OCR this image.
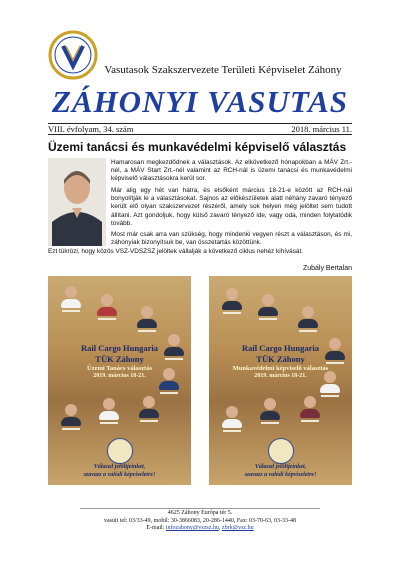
Vasutasok Szakszervezete Területi Képviselet Záhony
ZÁHONYI VASUTAS
VIII. évfolyam, 34. szám	2018. március 11.
Üzemi tanácsi és munkavédelmi képviselő választás
Hamarosan megkezdődnek a választások. Az elkövetkező hónapokban a MÁV Zrt.-nél, a MÁV Start Zrt.-nél valamint az RCH-nál is üzemi tanácsi és munkavédelmi képviselő választásokra kerül sor.
Már alig egy hét van hátra, és elsőként március 18-21-e között az RCH-nál bonyolítják le a választásokat. Sajnos az előkészületek alatt néhány zavaró tényező került elő olyan szakszervezet részéről, amely sok helyen még jelöltet sem tudott állítani. Azt gondoljuk, hogy külső zavaró tényező ide, vagy oda, minden folytatódik tovább.
Most már csak arra van szükség, hogy mindenki vegyen részt a választáson, és mi, záhonyiak bizonyítsuk be, van összetartás közöttünk.
Ezt tükrözi, hogy közös VSZ-VDSZSZ jelöltek vállalják a következő ciklus nehéz kihívását.
Zubály Bertalan
Rail Cargo Hungaria
TÜK Záhony
Üzemi Tanács választás
2019. március 18-21.
Válaszd jelöltjeinket,
szavazz a valódi képviseletre!
Rail Cargo Hungaria
TÜK Záhony
Munkavédelmi képviselő választás
2019. március 18-21.
Válaszd jelöltjeinket,
szavazz a valódi képviseletre!
4625 Záhony Európa tér 5.
vasúti tel: 03/33-49, mobil: 30-3866083, 20-286-1440, Fax: 03-70-63, 03-33-48
E-mail: infozahony@vszsz.hu, zbrk@vsz.hu
